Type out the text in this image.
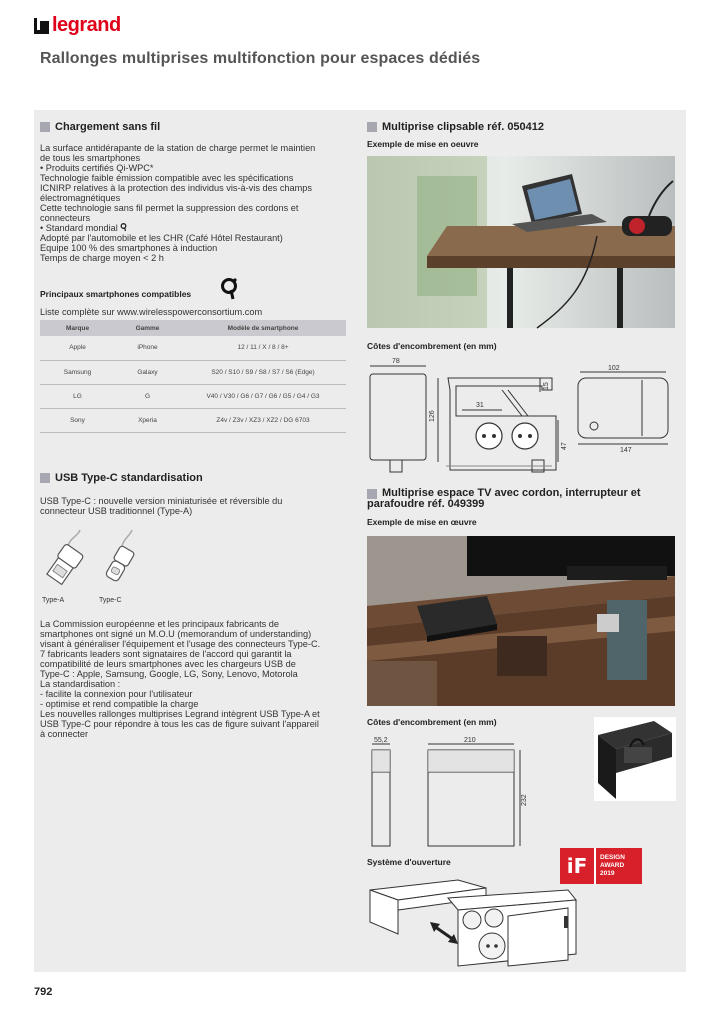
legrand
Rallonges multiprises multifonction pour espaces dédiés
Chargement sans fil
La surface antidérapante de la station de charge permet le maintien
de tous les smartphones
• Produits certifiés Qi-WPC*
Technologie faible émission compatible avec les spécifications
ICNIRP relatives à la protection des individus vis-à-vis des champs
électromagnétiques
Cette technologie sans fil permet la suppression des cordons et
connecteurs
• Standard mondial
Adopté par l'automobile et les CHR (Café Hôtel Restaurant)
Equipe 100 % des smartphones à induction
Temps de charge moyen < 2 h
Principaux smartphones compatibles
Liste complète sur www.wirelesspowerconsortium.com
Marque	Gamme	Modèle de smartphone
Apple	iPhone	12 / 11 / X / 8 / 8+
Samsung	Galaxy	S20 / S10 / S9 / S8 / S7 / S6 (Edge)
LG	G	V40 / V30 / G6 / G7 / G6 / G5 / G4 / G3
Sony	Xperia	Z4v / Z3v / XZ3 / XZ2 / DG 6703
USB Type-C standardisation
USB Type-C : nouvelle version miniaturisée et réversible du
connecteur USB traditionnel (Type-A)
Type-A	Type-C
La Commission européenne et les principaux fabricants de
smartphones ont signé un M.O.U (memorandum of understanding)
visant à généraliser l'équipement et l'usage des connecteurs Type-C.
7 fabricants leaders sont signataires de l'accord qui garantit la
compatibilité de leurs smartphones avec les chargeurs USB de
Type-C : Apple, Samsung, Google, LG, Sony, Lenovo, Motorola
La standardisation :
- facilite la connexion pour l'utilisateur
- optimise et rend compatible la charge
Les nouvelles rallonges multiprises Legrand intègrent USB Type-A et
USB Type-C pour répondre à tous les cas de figure suivant l'appareil
à connecter
Multiprise clipsable réf. 050412
Exemple de mise en oeuvre
Côtes d'encombrement (en mm)
78
126
15
31
47
102
147
Multiprise espace TV avec cordon, interrupteur et
parafoudre réf. 049399
Exemple de mise en œuvre
Côtes d'encombrement (en mm)
55,2	210
232
Système d'ouverture	iF	DESIGN
AWARD
2019
792
